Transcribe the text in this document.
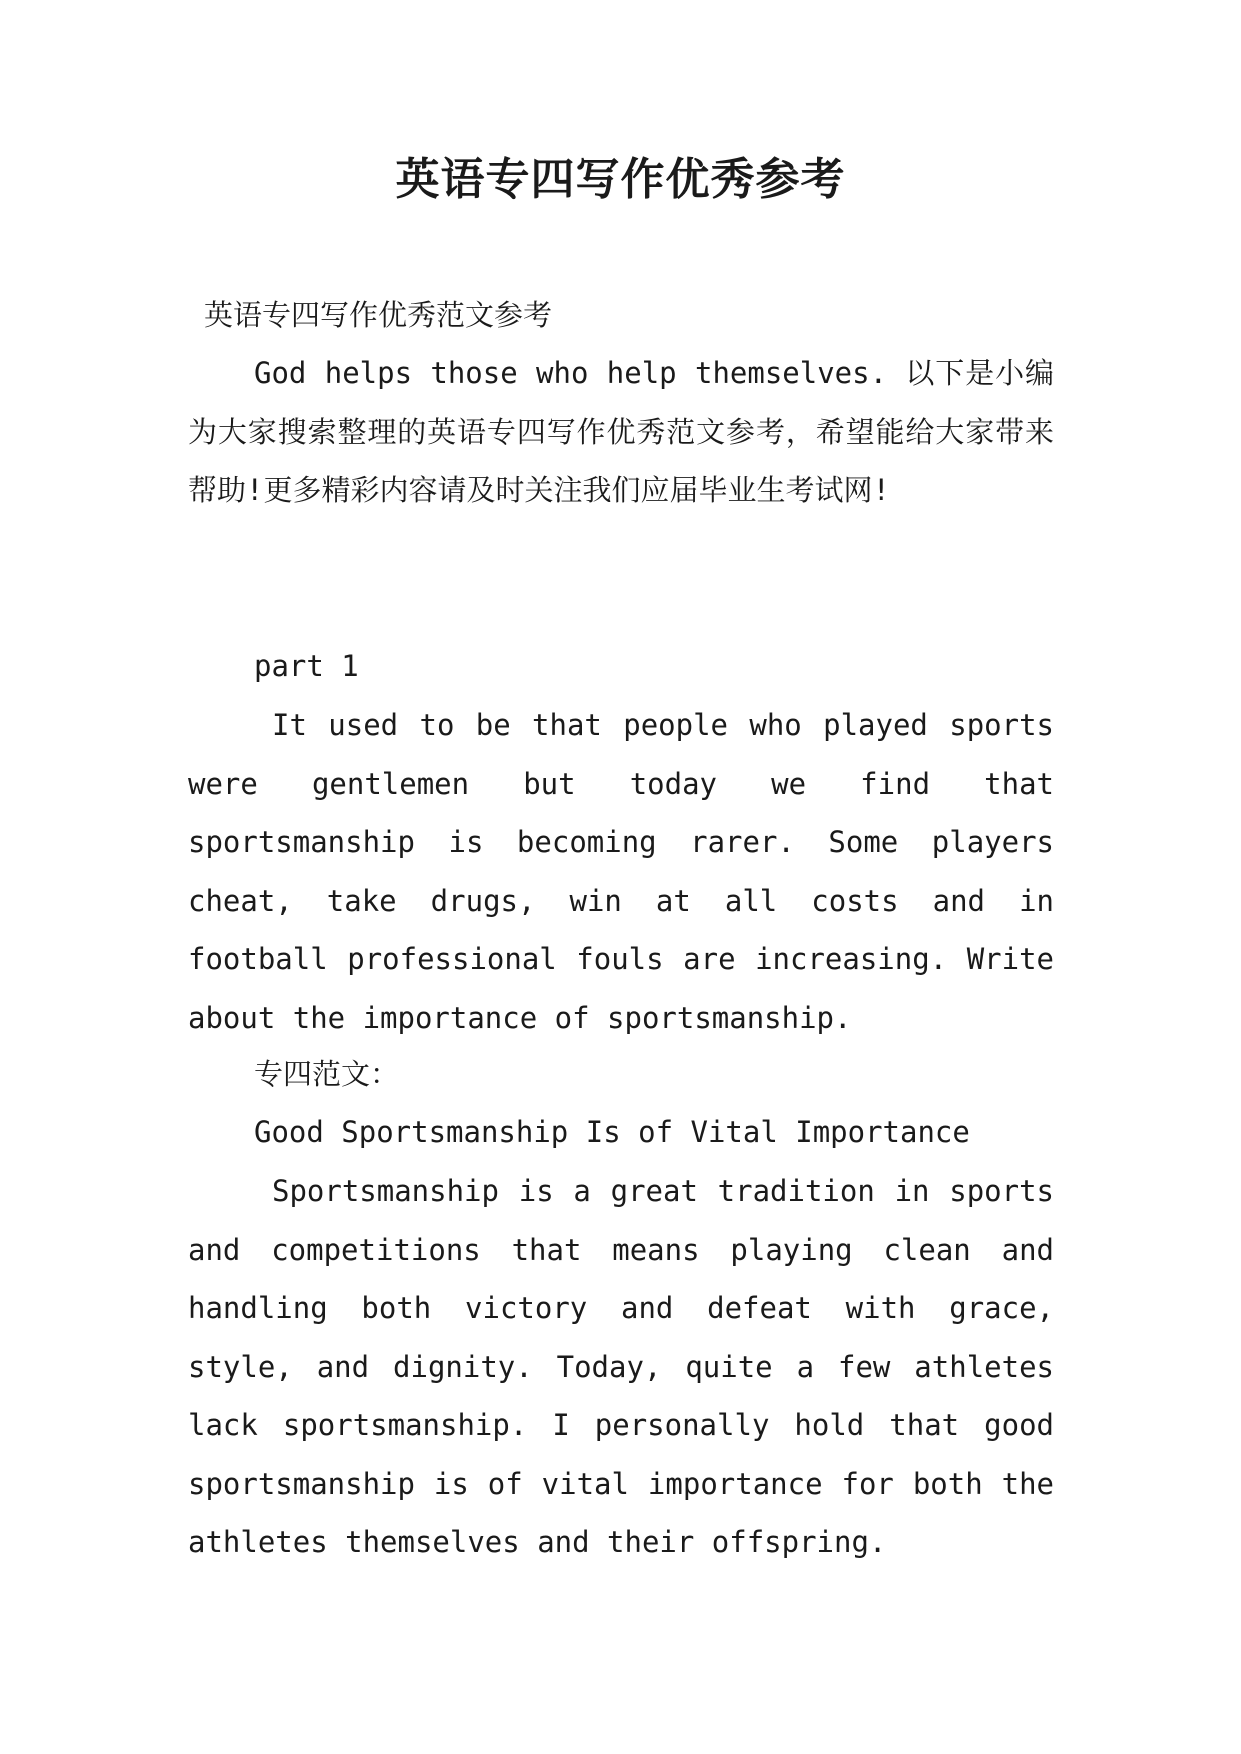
英语专四写作优秀参考
英语专四写作优秀范文参考
God helps those who help themselves. 以下是小编为大家搜索整理的英语专四写作优秀范文参考，希望能给大家带来帮助!更多精彩内容请及时关注我们应届毕业生考试网!
part 1
It used to be that people who played sports were gentlemen but today we find that sportsmanship is becoming rarer. Some players cheat, take drugs, win at all costs and in football professional fouls are increasing. Write about the importance of sportsmanship.
专四范文：
Good Sportsmanship Is of Vital Importance
Sportsmanship is a great tradition in sports and competitions that means playing clean and handling both victory and defeat with grace, style, and dignity. Today, quite a few athletes lack sportsmanship. I personally hold that good sportsmanship is of vital importance for both the athletes themselves and their offspring.
